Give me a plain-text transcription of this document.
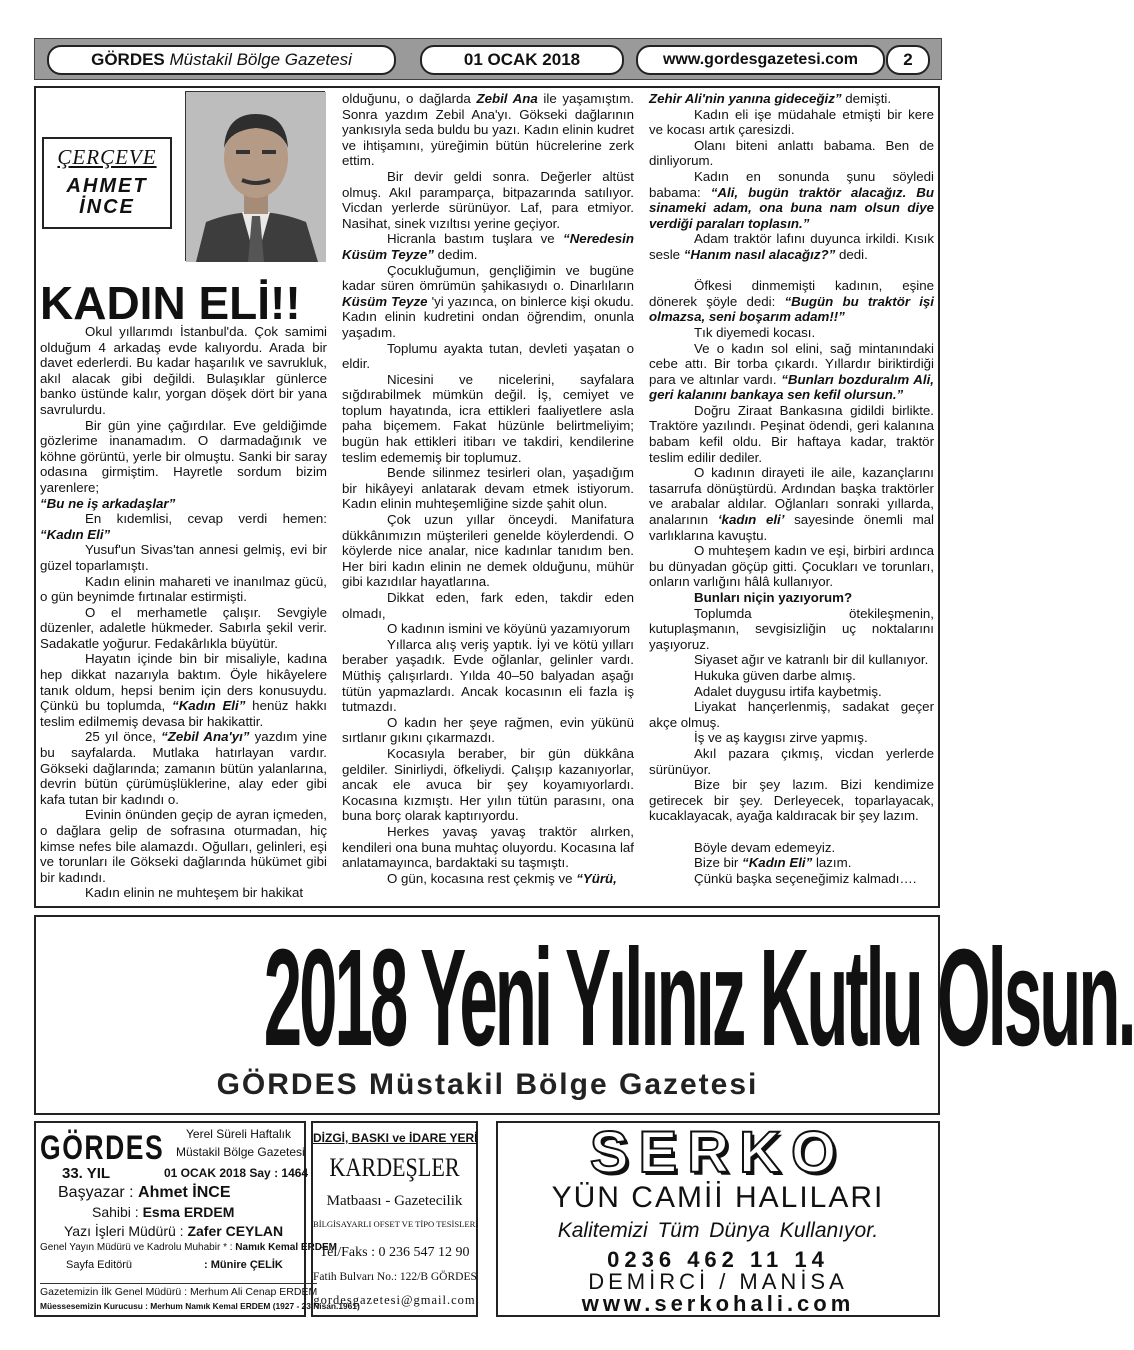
GÖRDES Müstakil Bölge Gazetesi	01 OCAK 2018	www.gordesgazetesi.com	2
ÇERÇEVE
AHMET
İNCE
KADIN ELİ!!

Okul yıllarımdı İstanbul'da. Çok samimi olduğum 4 arkadaş evde kalıyordu. Arada bir davet ederlerdi. Bu kadar haşarılık ve savrukluk, akıl alacak gibi değildi. Bulaşıklar günlerce banko üstünde kalır, yorgan döşek dört bir yana savrulurdu.

Bir gün yine çağırdılar. Eve geldiğimde gözlerime inanamadım. O darmadağınık ve köhne görüntü, yerle bir olmuştu. Sanki bir saray odasına girmiştim. Hayretle sordum bizim yarenlere;

“Bu ne iş arkadaşlar”

En kıdemlisi, cevap verdi hemen: “Kadın Eli”

Yusuf'un Sivas'tan annesi gelmiş, evi bir güzel toparlamıştı.

Kadın elinin mahareti ve inanılmaz gücü, o gün beynimde fırtınalar estirmişti.

O el merhametle çalışır. Sevgiyle düzenler, adaletle hükmeder. Sabırla şekil verir. Sadakatle yoğurur. Fedakârlıkla büyütür.

Hayatın içinde bin bir misaliyle, kadına hep dikkat nazarıyla baktım. Öyle hikâyelere tanık oldum, hepsi benim için ders konusuydu. Çünkü bu toplumda, “Kadın Eli” henüz hakkı teslim edilmemiş devasa bir hakikattir.

25 yıl önce, “Zebil Ana'yı” yazdım yine bu sayfalarda. Mutlaka hatırlayan vardır. Gökseki dağlarında; zamanın bütün yalanlarına, devrin bütün çürümüşlüklerine, alay eder gibi kafa tutan bir kadındı o.

Evinin önünden geçip de ayran içmeden, o dağlara gelip de sofrasına oturmadan, hiç kimse nefes bile alamazdı. Oğulları, gelinleri, eşi ve torunları ile Gökseki dağlarında hükümet gibi bir kadındı.

Kadın elinin ne muhteşem bir hakikat

olduğunu, o dağlarda Zebil Ana ile yaşamıştım. Sonra yazdım Zebil Ana'yı. Gökseki dağlarının yankısıyla seda buldu bu yazı. Kadın elinin kudret ve ihtişamını, yüreğimin bütün hücrelerine zerk ettim.

Bir devir geldi sonra. Değerler altüst olmuş. Akıl paramparça, bitpazarında satılıyor. Vicdan yerlerde sürünüyor. Laf, para etmiyor. Nasihat, sinek vızıltısı yerine geçiyor.

Hicranla bastım tuşlara ve “Neredesin Küsüm Teyze” dedim.

Çocukluğumun, gençliğimin ve bugüne kadar süren ömrümün şahikasıydı o. Dinarlıların Küsüm Teyze 'yi yazınca, on binlerce kişi okudu. Kadın elinin kudretini ondan öğrendim, onunla yaşadım.

Toplumu ayakta tutan, devleti yaşatan o eldir.

Nicesini ve nicelerini, sayfalara sığdırabilmek mümkün değil. İş, cemiyet ve toplum hayatında, icra ettikleri faaliyetlere asla paha biçemem. Fakat hüzünle belirtmeliyim; bugün hak ettikleri itibarı ve takdiri, kendilerine teslim edememiş bir toplumuz.

Bende silinmez tesirleri olan, yaşadığım bir hikâyeyi anlatarak devam etmek istiyorum. Kadın elinin muhteşemliğine sizde şahit olun.

Çok uzun yıllar önceydi. Manifatura dükkânımızın müşterileri genelde köylerdendi. O köylerde nice analar, nice kadınlar tanıdım ben. Her biri kadın elinin ne demek olduğunu, mühür gibi kazıdılar hayatlarına.

Dikkat eden, fark eden, takdir eden olmadı,

O kadının ismini ve köyünü yazamıyorum

Yıllarca alış veriş yaptık. İyi ve kötü yılları beraber yaşadık. Evde oğlanlar, gelinler vardı. Müthiş çalışırlardı. Yılda 40–50 balyadan aşağı tütün yapmazlardı. Ancak kocasının eli fazla iş tutmazdı.

O kadın her şeye rağmen, evin yükünü sırtlanır gıkını çıkarmazdı.

Kocasıyla beraber, bir gün dükkâna geldiler. Sinirliydi, öfkeliydi. Çalışıp kazanıyorlar, ancak ele avuca bir şey koyamıyorlardı. Kocasına kızmıştı. Her yılın tütün parasını, ona buna borç olarak kaptırıyordu.

Herkes yavaş yavaş traktör alırken, kendileri ona buna muhtaç oluyordu. Kocasına laf anlatamayınca, bardaktaki su taşmıştı.

O gün, kocasına rest çekmiş ve “Yürü,

Zehir Ali'nin yanına gideceğiz” demişti.

Kadın eli işe müdahale etmişti bir kere ve kocası artık çaresizdi.

Olanı biteni anlattı babama. Ben de dinliyorum.

Kadın en sonunda şunu söyledi babama: “Ali, bugün traktör alacağız. Bu sinameki adam, ona buna nam olsun diye verdiği paraları toplasın.”

Adam traktör lafını duyunca irkildi. Kısık sesle “Hanım nasıl alacağız?” dedi.

Öfkesi dinmemişti kadının, eşine dönerek şöyle dedi: “Bugün bu traktör işi olmazsa, seni boşarım adam!!”

Tık diyemedi kocası.

Ve o kadın sol elini, sağ mintanındaki cebe attı. Bir torba çıkardı. Yıllardır biriktirdiği para ve altınlar vardı. “Bunları bozduralım Ali, geri kalanını bankaya sen kefil olursun.”

Doğru Ziraat Bankasına gidildi birlikte. Traktöre yazılındı. Peşinat ödendi, geri kalanına babam kefil oldu. Bir haftaya kadar, traktör teslim edilir dediler.

O kadının dirayeti ile aile, kazançlarını tasarrufa dönüştürdü. Ardından başka traktörler ve arabalar aldılar. Oğlanları sonraki yıllarda, analarının ‘kadın eli’ sayesinde önemli mal varlıklarına kavuştu.

O muhteşem kadın ve eşi, birbiri ardınca bu dünyadan göçüp gitti. Çocukları ve torunları, onların varlığını hâlâ kullanıyor.

Bunları niçin yazıyorum?

Toplumda ötekileşmenin, kutuplaşmanın, sevgisizliğin uç noktalarını yaşıyoruz.

Siyaset ağır ve katranlı bir dil kullanıyor.

Hukuka güven darbe almış.

Adalet duygusu irtifa kaybetmiş.

Liyakat hançerlenmiş, sadakat geçer akçe olmuş.

İş ve aş kaygısı zirve yapmış.

Akıl pazara çıkmış, vicdan yerlerde sürünüyor.

Bize bir şey lazım. Bizi kendimize getirecek bir şey. Derleyecek, toparlayacak, kucaklayacak, ayağa kaldıracak bir şey lazım.

Böyle devam edemeyiz.

Bize bir “Kadın Eli” lazım.

Çünkü başka seçeneğimiz kalmadı….

2018 Yeni Yılınız Kutlu Olsun.
GÖRDES Müstakil Bölge Gazetesi
GÖRDES Yerel Süreli Haftalık
Müstakil Bölge Gazetesi
33. YIL	01 OCAK 2018 Say : 1464
Başyazar : Ahmet İNCE
Sahibi : Esma ERDEM
Yazı İşleri Müdürü : Zafer CEYLAN
Genel Yayın Müdürü ve Kadrolu Muhabir * : Namık Kemal ERDEM
Sayfa Editörü	: Münire ÇELİK
Gazetemizin İlk Genel Müdürü : Merhum Ali Cenap ERDEM
Müessesemizin Kurucusu : Merhum Namık Kemal ERDEM (1927 - 23.Nisan.1961)
DİZGİ, BASKI ve İDARE YERİ
KARDEŞLER
Matbaası - Gazetecilik
BİLGİSAYARLI OFSET VE TİPO TESİSLERİ
Tel/Faks : 0 236 547 12 90
Fatih Bulvarı No.: 122/B GÖRDES
gordesgazetesi@gmail.com
SERKO
YÜN CAMİİ HALILARI
Kalitemizi Tüm Dünya Kullanıyor.
0236 462 11 14
DEMİRCİ / MANİSA
www.serkohali.com
